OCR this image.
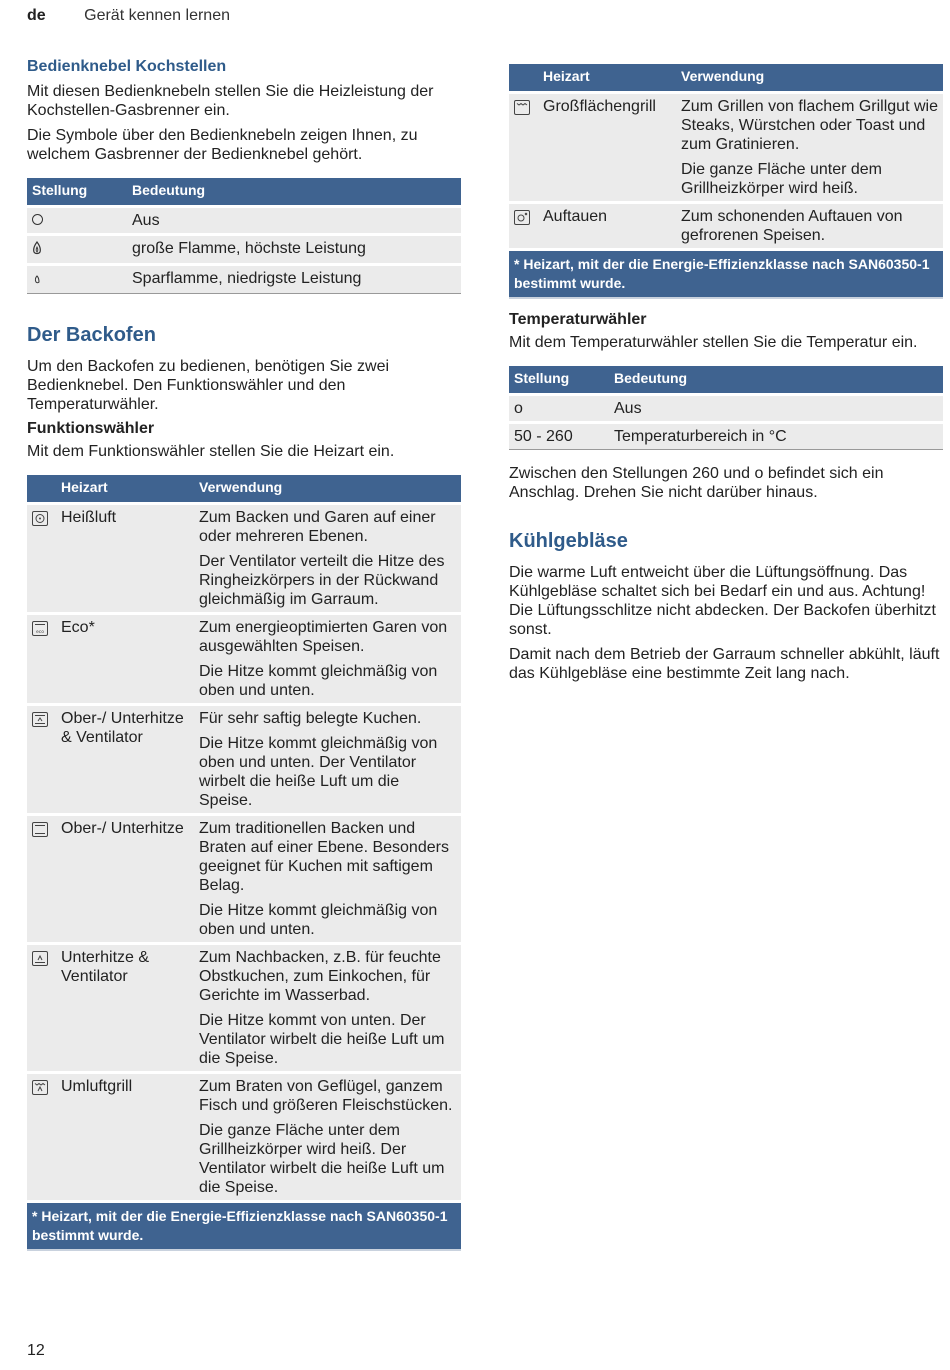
de Gerät kennen lernen
Bedienknebel Kochstellen

Mit diesen Bedienknebeln stellen Sie die Heizleistung der Kochstellen-Gasbrenner ein.

Die Symbole über den Bedienknebeln zeigen Ihnen, zu welchem Gasbrenner der Bedienknebel gehört.

Stellung	Bedeutung
	Aus
	große Flamme, höchste Leistung
	Sparflamme, niedrigste Leistung
Der Backofen

Um den Backofen zu bedienen, benötigen Sie zwei Bedienknebel. Den Funktionswähler und den Temperaturwähler.

Funktionswähler

Mit dem Funktionswähler stellen Sie die Heizart ein.

	Heizart	Verwendung

	Heißluft	Zum Backen und Garen auf einer oder mehreren Ebenen.
Der Ventilator verteilt die Hitze des Ringheizkörpers in der Rückwand gleichmäßig im Garraum.

eco	Eco*	Zum energieoptimierten Garen von ausgewählten Speisen.
Die Hitze kommt gleichmäßig von oben und unten.

	Ober-/ Unterhitze & Ventilator	Für sehr saftig belegte Kuchen.
Die Hitze kommt gleichmäßig von oben und unten. Der Ventilator wirbelt die heiße Luft um die Speise.

	Ober-/ Unterhitze	Zum traditionellen Backen und Braten auf einer Ebene. Besonders geeignet für Kuchen mit saftigem Belag.
Die Hitze kommt gleichmäßig von oben und unten.

	Unterhitze & Ventilator	Zum Nachbacken, z.B. für feuchte Obstkuchen, zum Einkochen, für Gerichte im Wasserbad.
Die Hitze kommt von unten. Der Ventilator wirbelt die heiße Luft um die Speise.

	Umluftgrill	Zum Braten von Geflügel, ganzem Fisch und größeren Fleischstücken.
Die ganze Fläche unter dem Grillheizkörper wird heiß. Der Ventilator wirbelt die heiße Luft um die Speise.

* Heizart, mit der die Energie-Effizienzklasse nach SAN60350-1 bestimmt wurde.		
	Heizart	Verwendung

	Großflächengrill	Zum Grillen von flachem Grillgut wie Steaks, Würstchen oder Toast und zum Gratinieren.
Die ganze Fläche unter dem Grillheizkörper wird heiß.

	Auftauen	Zum schonenden Auftauen von gefrorenen Speisen.

* Heizart, mit der die Energie-Effizienzklasse nach SAN60350-1 bestimmt wurde.		
Temperaturwähler

Mit dem Temperaturwähler stellen Sie die Temperatur ein.

Stellung	Bedeutung
o	Aus
50 - 260	Temperaturbereich in °C

Zwischen den Stellungen 260 und o befindet sich ein Anschlag. Drehen Sie nicht darüber hinaus.

Kühlgebläse

Die warme Luft entweicht über die Lüftungsöffnung. Das Kühlgebläse schaltet sich bei Bedarf ein und aus. Achtung! Die Lüftungsschlitze nicht abdecken. Der Backofen überhitzt sonst.

Damit nach dem Betrieb der Garraum schneller abkühlt, läuft das Kühlgebläse eine bestimmte Zeit lang nach.

12
